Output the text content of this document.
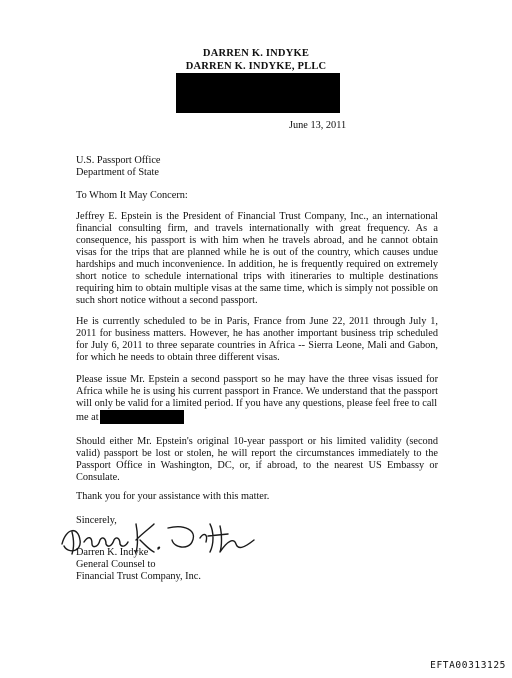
DARREN K. INDYKE
DARREN K. INDYKE, PLLC
June 13, 2011
U.S. Passport Office
Department of State
To Whom It May Concern:
Jeffrey E. Epstein is the President of Financial Trust Company, Inc., an international financial consulting firm, and travels internationally with great frequency. As a consequence, his passport is with him when he travels abroad, and he cannot obtain visas for the trips that are planned while he is out of the country, which causes undue hardships and much inconvenience. In addition, he is frequently required on extremely short notice to schedule international trips with itineraries to multiple destinations requiring him to obtain multiple visas at the same time, which is simply not possible on such short notice without a second passport.
He is currently scheduled to be in Paris, France from June 22, 2011 through July 1, 2011 for business matters. However, he has another important business trip scheduled for July 6, 2011 to three separate countries in Africa -- Sierra Leone, Mali and Gabon, for which he needs to obtain three different visas.
Please issue Mr. Epstein a second passport so he may have the three visas issued for Africa while he is using his current passport in France. We understand that the passport will only be valid for a limited period. If you have any questions, please feel free to call
me at
Should either Mr. Epstein's original 10-year passport or his limited validity (second valid) passport be lost or stolen, he will report the circumstances immediately to the Passport Office in Washington, DC, or, if abroad, to the nearest US Embassy or Consulate.
Thank you for your assistance with this matter.
Sincerely,
Darren K. Indyke
General Counsel to
Financial Trust Company, Inc.
EFTA00313125
